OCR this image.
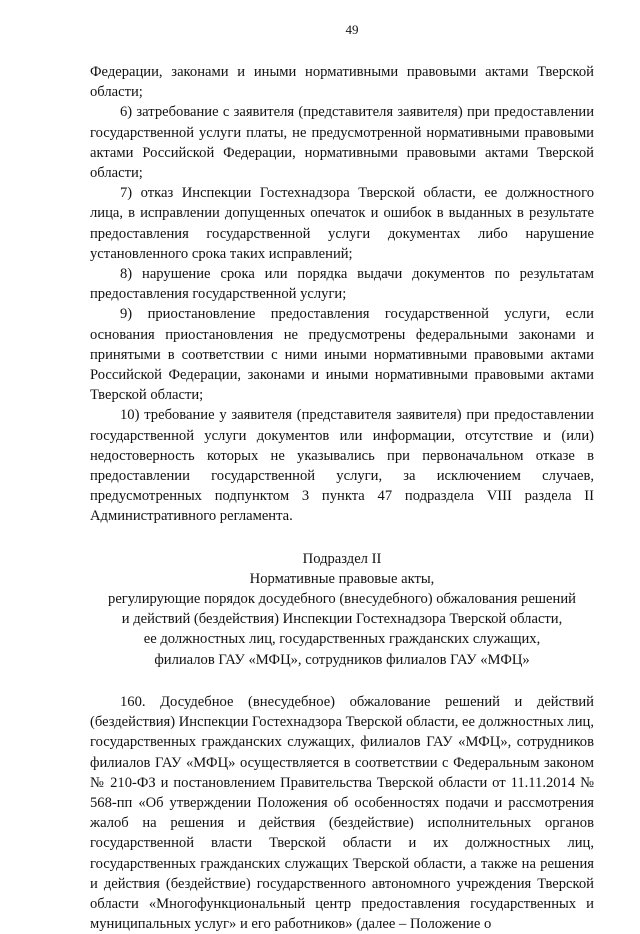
49

Федерации, законами и иными нормативными правовыми актами Тверской области;

6) затребование с заявителя (представителя заявителя) при предоставлении государственной услуги платы, не предусмотренной нормативными правовыми актами Российской Федерации, нормативными правовыми актами Тверской области;

7) отказ Инспекции Гостехнадзора Тверской области, ее должностного лица, в исправлении допущенных опечаток и ошибок в выданных в результате предоставления государственной услуги документах либо нарушение установленного срока таких исправлений;

8) нарушение срока или порядка выдачи документов по результатам предоставления государственной услуги;

9) приостановление предоставления государственной услуги, если основания приостановления не предусмотрены федеральными законами и принятыми в соответствии с ними иными нормативными правовыми актами Российской Федерации, законами и иными нормативными правовыми актами Тверской области;

10) требование у заявителя (представителя заявителя) при предоставлении государственной услуги документов или информации, отсутствие и (или) недостоверность которых не указывались при первоначальном отказе в предоставлении государственной услуги, за исключением случаев, предусмотренных подпунктом 3 пункта 47 подраздела VIII раздела II Административного регламента.

Подраздел II
Нормативные правовые акты,
регулирующие порядок досудебного (внесудебного) обжалования решений
и действий (бездействия) Инспекции Гостехнадзора Тверской области,
ее должностных лиц, государственных гражданских служащих,
филиалов ГАУ «МФЦ», сотрудников филиалов ГАУ «МФЦ»

160. Досудебное (внесудебное) обжалование решений и действий (бездействия) Инспекции Гостехнадзора Тверской области, ее должностных лиц, государственных гражданских служащих, филиалов ГАУ «МФЦ», сотрудников филиалов ГАУ «МФЦ» осуществляется в соответствии с Федеральным законом № 210-ФЗ и постановлением Правительства Тверской области от 11.11.2014 № 568-пп «Об утверждении Положения об особенностях подачи и рассмотрения жалоб на решения и действия (бездействие) исполнительных органов государственной власти Тверской области и их должностных лиц, государственных гражданских служащих Тверской области, а также на решения и действия (бездействие) государственного автономного учреждения Тверской области «Многофункциональный центр предоставления государственных и муниципальных услуг» и его работников» (далее – Положение о
